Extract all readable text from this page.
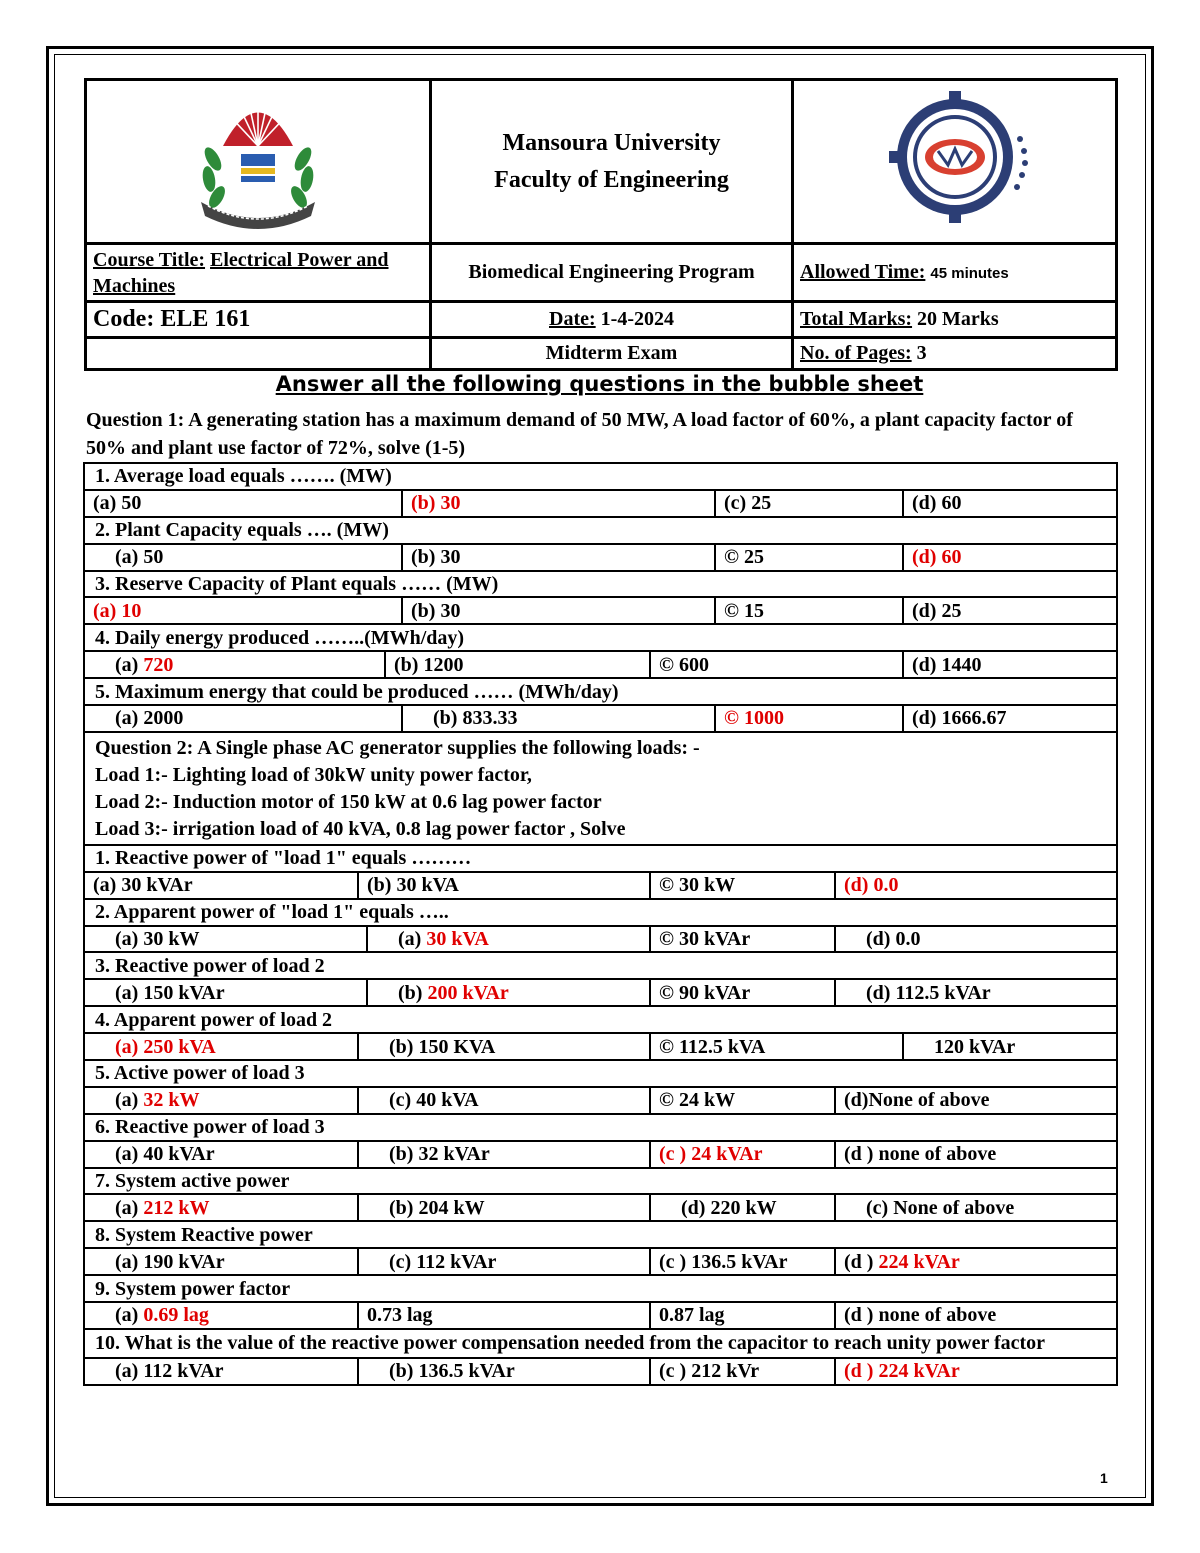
Mansoura University
Faculty of Engineering

Course Title: Electrical Power and Machines	Biomedical Engineering Program	Allowed Time: 45 minutes
Code: ELE 161	Date: 1-4-2024	Total Marks: 20 Marks
	Midterm Exam	No. of Pages: 3
Answer all the following questions in the bubble sheet
Question 1: A generating station has a maximum demand of 50 MW, A load factor of 60%, a plant capacity factor of 50% and plant use factor of 72%, solve (1-5)
1. Average load equals ……. (MW)								
(a) 50				(b) 30		(c) 25		(d) 60
2. Plant Capacity equals …. (MW)								
(a) 50				(b) 30		© 25		(d) 60
3. Reserve Capacity of Plant equals …… (MW)								
(a) 10				(b) 30		© 15		(d) 25
4. Daily energy produced ……..(MWh/day)								
(a) 720			(b) 1200		© 600			(d) 1440
5. Maximum energy that could be produced …… (MWh/day)								
(a) 2000				(b) 833.33		© 1000		(d) 1666.67

Question 2: A Single phase AC generator supplies the following loads: -
Load 1:- Lighting load of 30kW unity power factor,
Load 2:- Induction motor of 150 kW at 0.6 lag power factor
Load 3:- irrigation load of 40 kVA, 0.8 lag power factor , Solve								

1. Reactive power of "load 1" equals ………								
(a) 30 kVAr	(b) 30 kVA				© 30 kW		(d) 0.0	
2. Apparent power of "load 1" equals …..								
(a) 30 kW		(a) 30 kVA			© 30 kVAr		(d) 0.0	
3. Reactive power of load 2								
(a) 150 kVAr		(b) 200 kVAr			© 90 kVAr		(d) 112.5 kVAr	
4. Apparent power of load 2								
(a) 250 kVA	(b) 150 KVA				© 112.5 kVA			120 kVAr
5. Active power of load 3								
(a) 32 kW	(c) 40 kVA				© 24 kW		(d)None of above	
6. Reactive power of load 3								
(a) 40 kVAr	(b) 32 kVAr				(c ) 24 kVAr		(d ) none of above	
7. System active power								
(a) 212 kW	(b) 204 kW				(d) 220 kW		(c) None of above	
8. System Reactive power								
(a) 190 kVAr	(c) 112 kVAr				(c ) 136.5 kVAr		(d ) 224 kVAr	
9. System power factor								
(a) 0.69 lag	0.73 lag				0.87 lag		(d ) none of above	
10. What is the value of the reactive power compensation needed from the capacitor to reach unity power factor								
(a) 112 kVAr	(b) 136.5 kVAr				(c ) 212 kVr		(d ) 224 kVAr	
1
